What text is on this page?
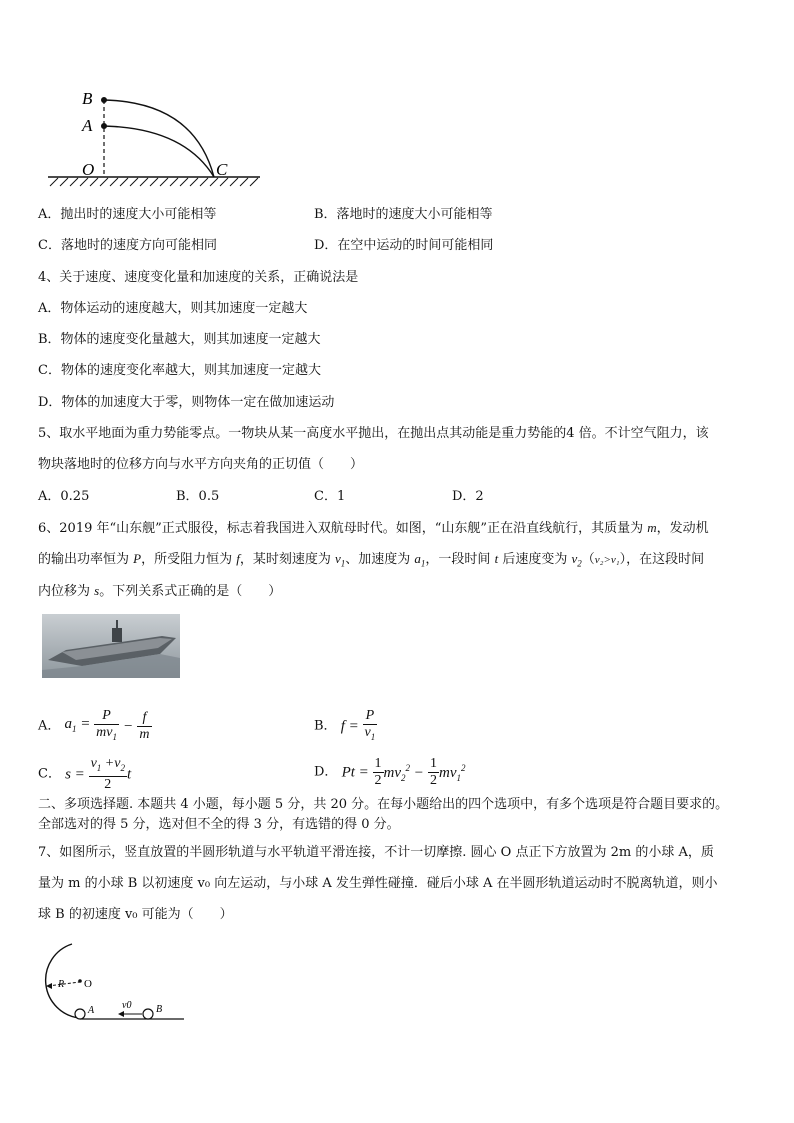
B
A
O	C
A．抛出时的速度大小可能相等	B．落地时的速度大小可能相等
C．落地时的速度方向可能相同	D．在空中运动的时间可能相同
4、关于速度、速度变化量和加速度的关系，正确说法是
A．物体运动的速度越大，则其加速度一定越大
B．物体的速度变化量越大，则其加速度一定越大
C．物体的速度变化率越大，则其加速度一定越大
D．物体的加速度大于零，则物体一定在做加速运动
5、取水平地面为重力势能零点。一物块从某一高度水平抛出，在抛出点其动能是重力势能的4 倍。不计空气阻力，该
物块落地时的位移方向与水平方向夹角的正切值（　　）
A．0.25	B．0.5	C．1	D．2
6、2019 年“山东舰”正式服役，标志着我国进入双航母时代。如图，“山东舰”正在沿直线航行，其质量为 m，发动机
的输出功率恒为 P，所受阻力恒为 f，某时刻速度为 $v_1$、加速度为 $a_1$，一段时间 t 后速度变为 $v_2(v_2>v_1)$，在这段时间
内位移为 s。下列关系式正确的是（　　）
A． $a_1 = \frac{P}{mv_1} - \frac{f}{m}$	B． $f = \frac{P}{v_1}$
C． $s = \frac{v_1 +v_2}{2}$ t	D． $Pt = \frac{1}{2} mv_2^2 - \frac{1}{2} mv_1^2$
二、多项选择题. 本题共 4 小题，每小题 5 分，共 20 分。在每小题给出的四个选项中，有多个选项是符合题目要求的。
全部选对的得 5 分，选对但不全的得 3 分，有选错的得 0 分。
7、如图所示，竖直放置的半圆形轨道与水平轨道平滑连接，不计一切摩擦. 圆心 O 点正下方放置为 2m 的小球 A，质
量为 m 的小球 B 以初速度 v₀ 向左运动，与小球 A 发生弹性碰撞．碰后小球 A 在半圆形轨道运动时不脱离轨道，则小
球 B 的初速度 v₀ 可能为（　　）
R O
A	v0 B
